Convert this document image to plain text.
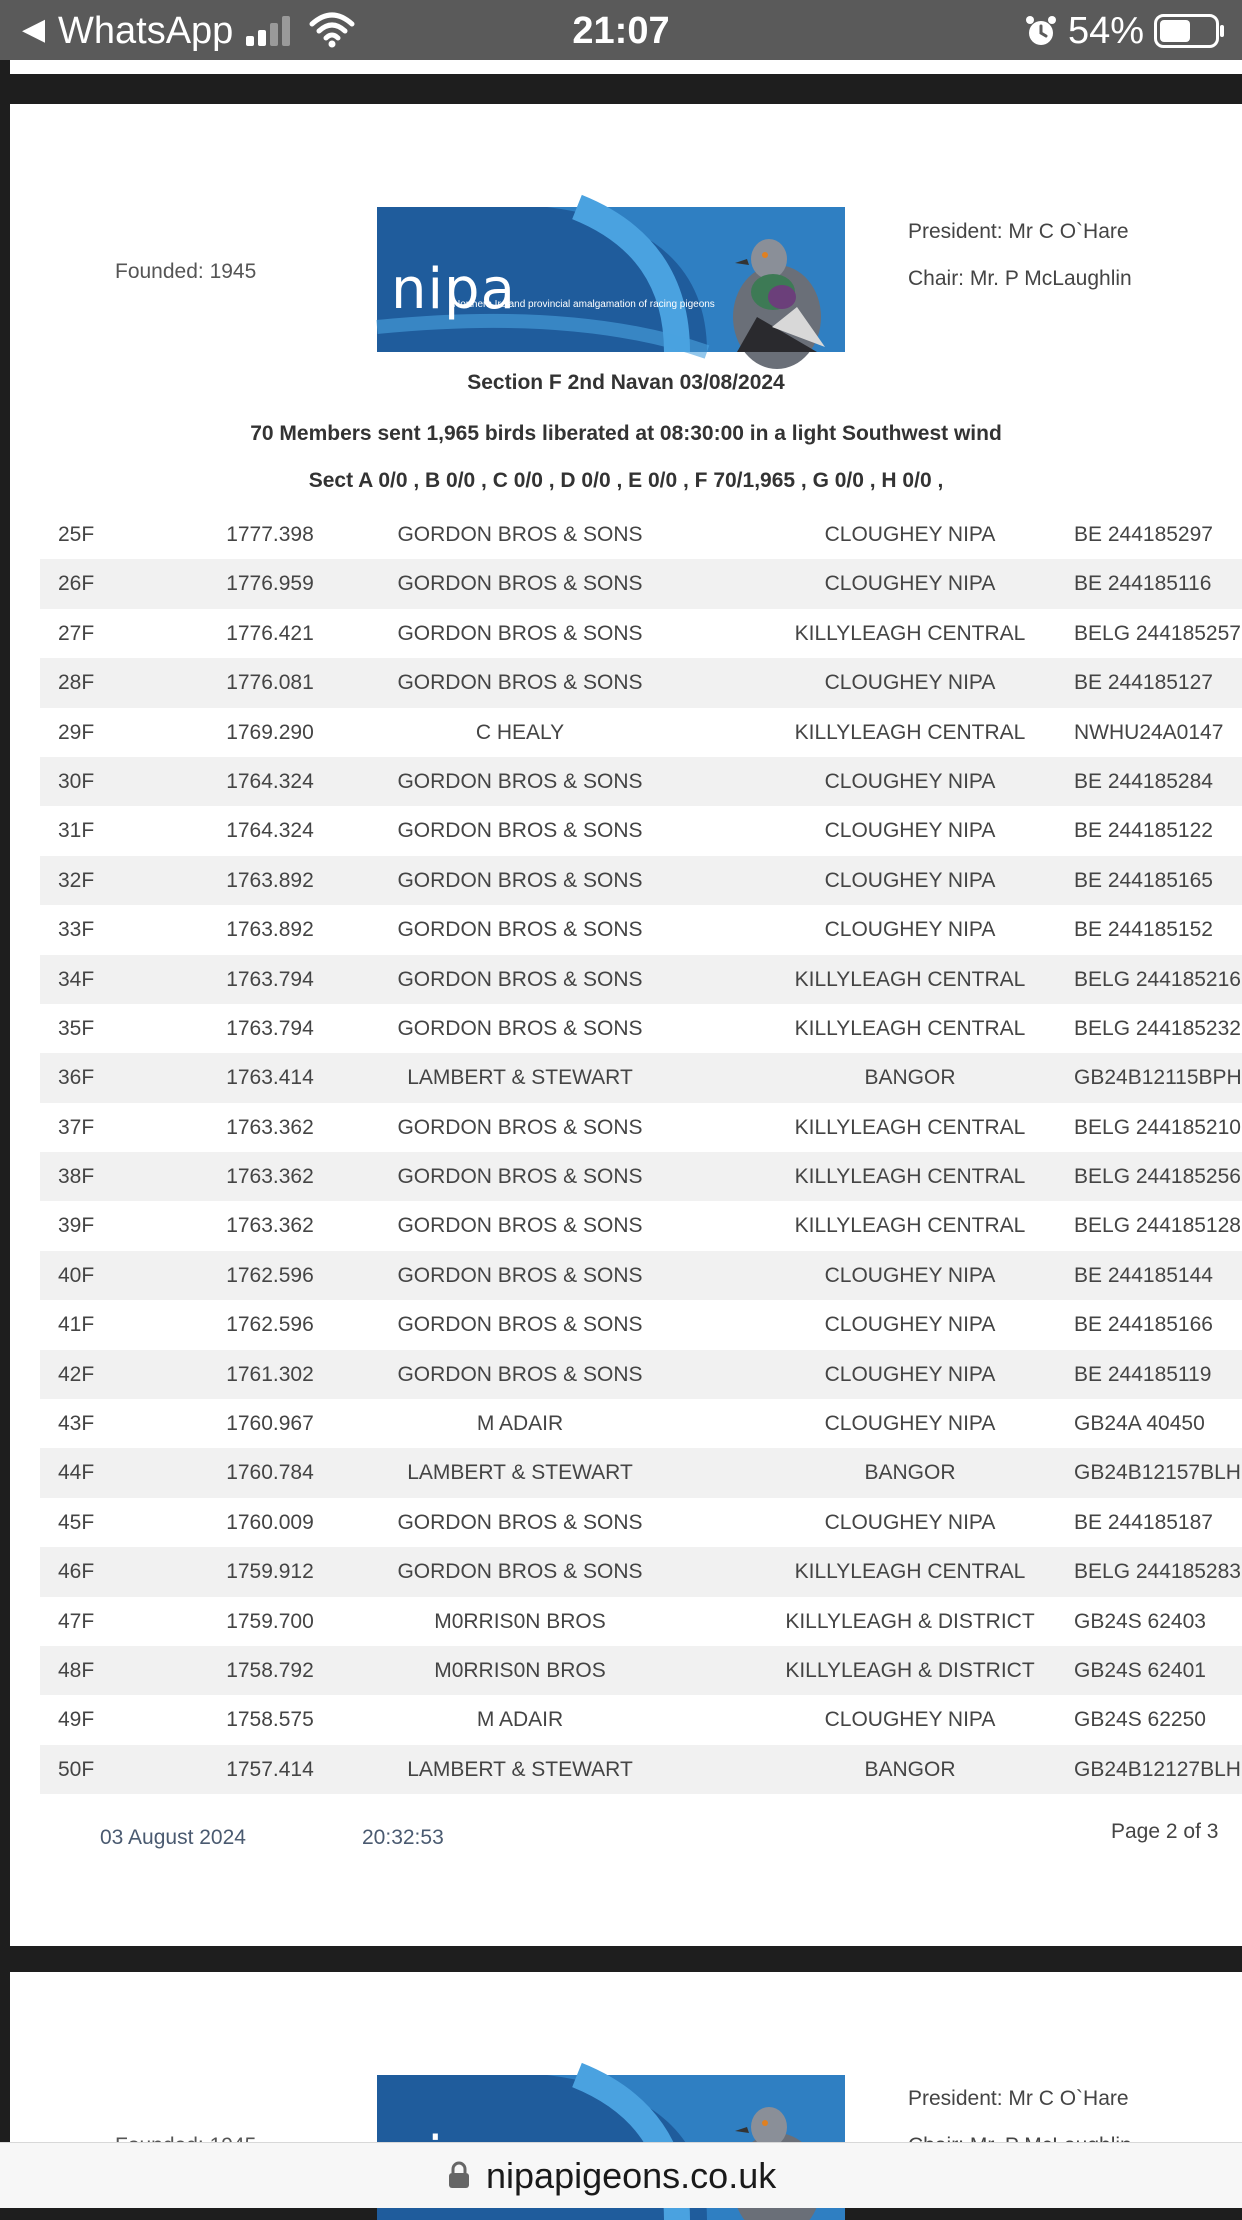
◀ WhatsApp	21:07	54%
Founded: 1945 nipa
Northern Ireland provincial amalgamation of racing pigeons
President: Mr C O`Hare
Chair: Mr. P McLaughlin
Section F 2nd Navan 03/08/2024
70 Members sent 1,965 birds liberated at 08:30:00 in a light Southwest wind
Sect A 0/0 , B 0/0 , C 0/0 , D 0/0 , E 0/0 , F 70/1,965 , G 0/0 , H 0/0 ,
25F	1777.398	GORDON BROS & SONS	CLOUGHEY NIPA	BE 244185297
26F	1776.959	GORDON BROS & SONS	CLOUGHEY NIPA	BE 244185116
27F	1776.421	GORDON BROS & SONS	KILLYLEAGH CENTRAL	BELG 244185257
28F	1776.081	GORDON BROS & SONS	CLOUGHEY NIPA	BE 244185127
29F	1769.290	C HEALY	KILLYLEAGH CENTRAL	NWHU24A0147
30F	1764.324	GORDON BROS & SONS	CLOUGHEY NIPA	BE 244185284
31F	1764.324	GORDON BROS & SONS	CLOUGHEY NIPA	BE 244185122
32F	1763.892	GORDON BROS & SONS	CLOUGHEY NIPA	BE 244185165
33F	1763.892	GORDON BROS & SONS	CLOUGHEY NIPA	BE 244185152
34F	1763.794	GORDON BROS & SONS	KILLYLEAGH CENTRAL	BELG 244185216
35F	1763.794	GORDON BROS & SONS	KILLYLEAGH CENTRAL	BELG 244185232
36F	1763.414	LAMBERT & STEWART	BANGOR	GB24B12115BPH
37F	1763.362	GORDON BROS & SONS	KILLYLEAGH CENTRAL	BELG 244185210
38F	1763.362	GORDON BROS & SONS	KILLYLEAGH CENTRAL	BELG 244185256
39F	1763.362	GORDON BROS & SONS	KILLYLEAGH CENTRAL	BELG 244185128
40F	1762.596	GORDON BROS & SONS	CLOUGHEY NIPA	BE 244185144
41F	1762.596	GORDON BROS & SONS	CLOUGHEY NIPA	BE 244185166
42F	1761.302	GORDON BROS & SONS	CLOUGHEY NIPA	BE 244185119
43F	1760.967	M ADAIR	CLOUGHEY NIPA	GB24A 40450
44F	1760.784	LAMBERT & STEWART	BANGOR	GB24B12157BLH
45F	1760.009	GORDON BROS & SONS	CLOUGHEY NIPA	BE 244185187
46F	1759.912	GORDON BROS & SONS	KILLYLEAGH CENTRAL	BELG 244185283
47F	1759.700	M0RRIS0N BROS	KILLYLEAGH & DISTRICT	GB24S 62403
48F	1758.792	M0RRIS0N BROS	KILLYLEAGH & DISTRICT	GB24S 62401
49F	1758.575	M ADAIR	CLOUGHEY NIPA	GB24S 62250
50F	1757.414	LAMBERT & STEWART	BANGOR	GB24B12127BLH
03 August 2024	20:32:53	Page 2 of 3
President: Mr C O`Hare
nipapigeons.co.uk
